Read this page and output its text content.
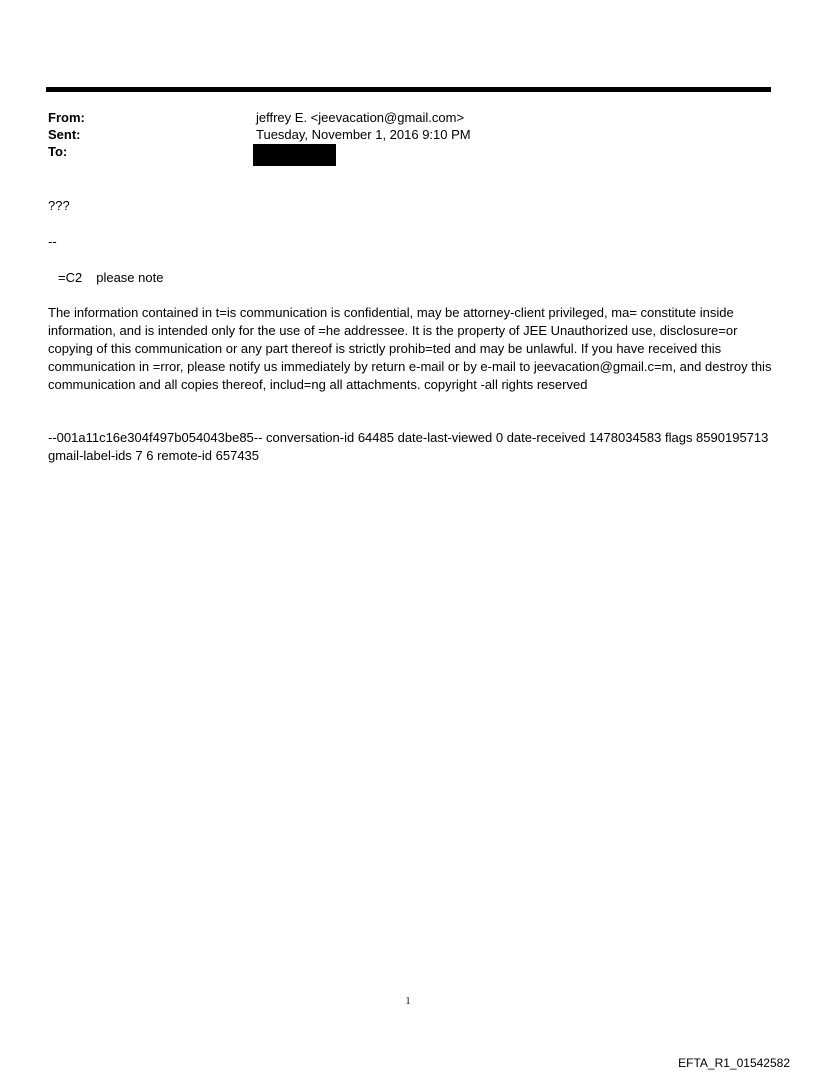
From:	jeffrey E. <jeevacation@gmail.com>
Sent:	Tuesday, November 1, 2016 9:10 PM
To:
???
--
=C2 please note
The information contained in t=is communication is confidential, may be attorney-client privileged, ma= constitute inside information, and is intended only for the use of =he addressee. It is the property of JEE Unauthorized use, disclosure=or copying of this communication or any part thereof is strictly prohib=ted and may be unlawful. If you have received this communication in =rror, please notify us immediately by return e-mail or by e-mail to jeevacation@gmail.c=m, and destroy this communication and all copies thereof, includ=ng all attachments. copyright -all rights reserved
--001a11c16e304f497b054043be85-- conversation-id 64485 date-last-viewed 0 date-received 1478034583 flags 8590195713 gmail-label-ids 7 6 remote-id 657435
1
EFTA_R1_01542582
